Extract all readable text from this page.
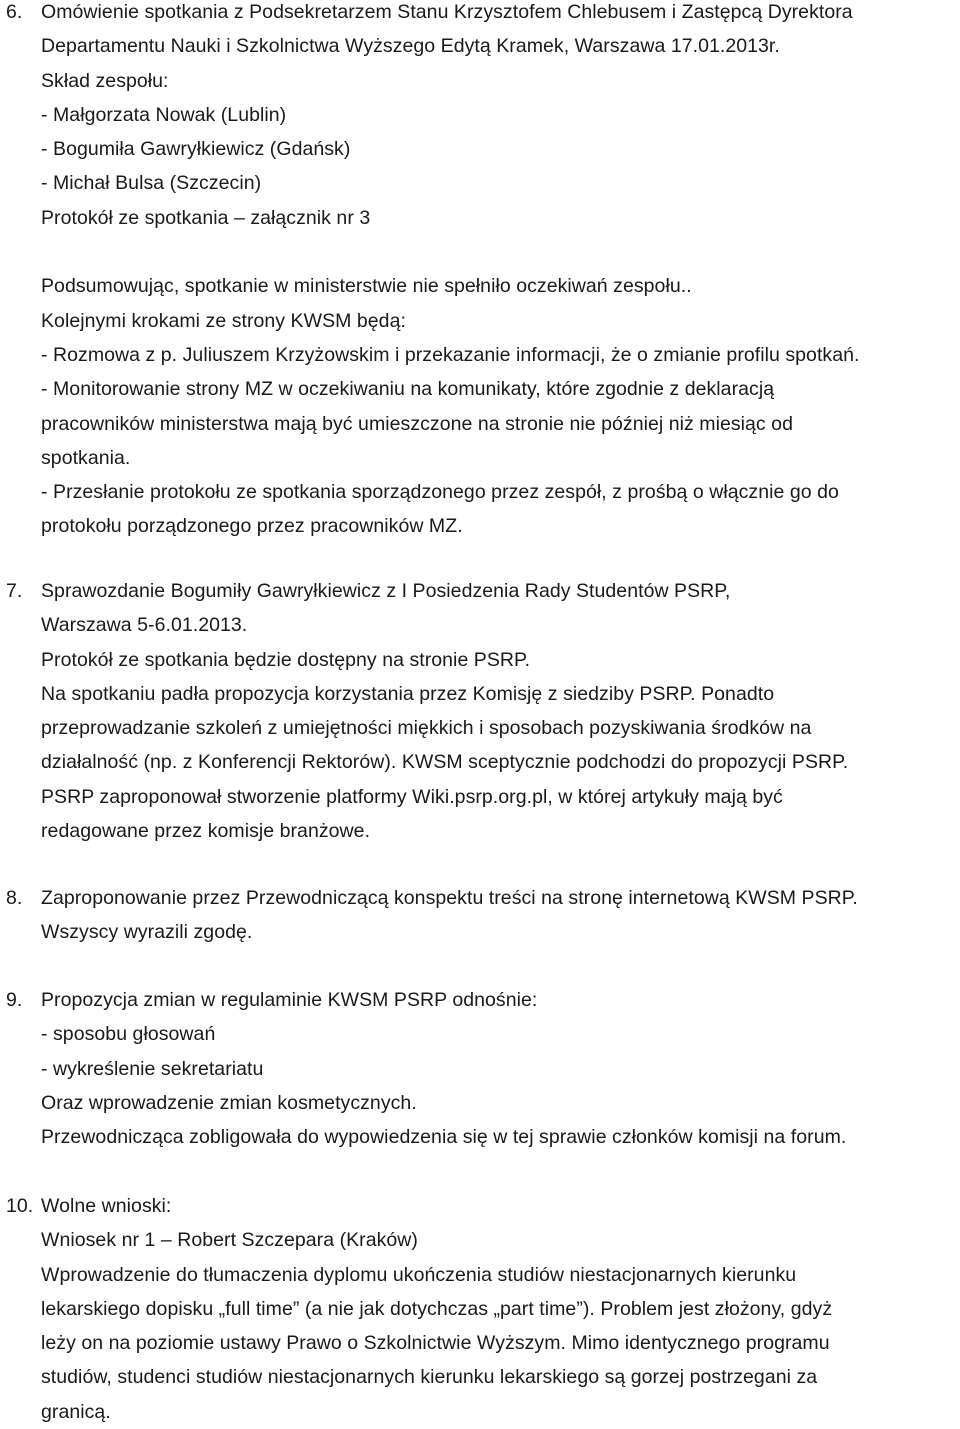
6. Omówienie spotkania z Podsekretarzem Stanu Krzysztofem Chlebusem i Zastępcą Dyrektora
Departamentu Nauki i Szkolnictwa Wyższego Edytą Kramek, Warszawa 17.01.2013r.
Skład zespołu:
- Małgorzata Nowak (Lublin)
- Bogumiła Gawryłkiewicz (Gdańsk)
- Michał Bulsa (Szczecin)
Protokół ze spotkania – załącznik nr 3
Podsumowując, spotkanie w ministerstwie nie spełniło oczekiwań zespołu..
Kolejnymi krokami ze strony KWSM będą:
- Rozmowa z p. Juliuszem Krzyżowskim i przekazanie informacji, że o zmianie profilu spotkań.
- Monitorowanie strony MZ w oczekiwaniu na komunikaty, które zgodnie z deklaracją
pracowników ministerstwa mają być umieszczone na stronie nie później niż miesiąc od
spotkania.
- Przesłanie protokołu ze spotkania sporządzonego przez zespół, z prośbą o włącznie go do
protokołu porządzonego przez pracowników MZ.
7. Sprawozdanie Bogumiły Gawryłkiewicz z I Posiedzenia Rady Studentów PSRP,
Warszawa 5-6.01.2013.
Protokół ze spotkania będzie dostępny na stronie PSRP.
Na spotkaniu padła propozycja korzystania przez Komisję z siedziby PSRP. Ponadto
przeprowadzanie szkoleń z umiejętności miękkich i sposobach pozyskiwania środków na
działalność (np. z Konferencji Rektorów). KWSM sceptycznie podchodzi do propozycji PSRP.
PSRP zaproponował stworzenie platformy Wiki.psrp.org.pl, w której artykuły mają być
redagowane przez komisje branżowe.
8. Zaproponowanie przez Przewodniczącą konspektu treści na stronę internetową KWSM PSRP.
Wszyscy wyrazili zgodę.
9. Propozycja zmian w regulaminie KWSM PSRP odnośnie:
- sposobu głosowań
- wykreślenie sekretariatu
Oraz wprowadzenie zmian kosmetycznych.
Przewodnicząca zobligowała do wypowiedzenia się w tej sprawie członków komisji na forum.
10. Wolne wnioski:
Wniosek nr 1 – Robert Szczepara (Kraków)
Wprowadzenie do tłumaczenia dyplomu ukończenia studiów niestacjonarnych kierunku
lekarskiego dopisku „full time” (a nie jak dotychczas „part time”). Problem jest złożony, gdyż
leży on na poziomie ustawy Prawo o Szkolnictwie Wyższym. Mimo identycznego programu
studiów, studenci studiów niestacjonarnych kierunku lekarskiego są gorzej postrzegani za
granicą.
